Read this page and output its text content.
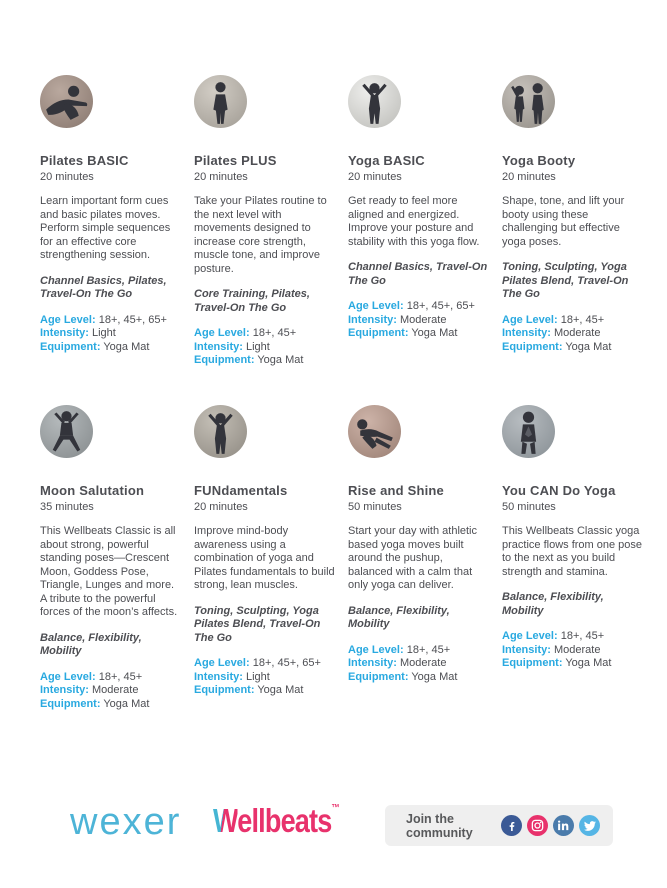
Pilates BASIC
20 minutes

Learn important form cues and basic pilates moves. Perform simple sequences for an effective core strengthening session.

Channel Basics, Pilates, Travel-On The Go

Age Level: 18+, 45+, 65+
Intensity: Light
Equipment: Yoga Mat
Pilates PLUS
20 minutes

Take your Pilates routine to the next level with movements designed to increase core strength, muscle tone, and improve posture.

Core Training, Pilates, Travel-On The Go

Age Level: 18+, 45+
Intensity: Light
Equipment: Yoga Mat
Yoga BASIC
20 minutes

Get ready to feel more aligned and energized. Improve your posture and stability with this yoga flow.

Channel Basics, Travel-On The Go

Age Level: 18+, 45+, 65+
Intensity: Moderate
Equipment: Yoga Mat
Yoga Booty
20 minutes

Shape, tone, and lift your booty using these challenging but effective yoga poses.

Toning, Sculpting, Yoga Pilates Blend, Travel-On The Go

Age Level: 18+, 45+
Intensity: Moderate
Equipment: Yoga Mat
Moon Salutation
35 minutes

This Wellbeats Classic is all about strong, powerful standing poses—Crescent Moon, Goddess Pose, Triangle, Lunges and more. A tribute to the powerful forces of the moon’s affects.

Balance, Flexibility, Mobility

Age Level: 18+, 45+
Intensity: Moderate
Equipment: Yoga Mat
FUNdamentals
20 minutes

Improve mind-body awareness using a combination of yoga and Pilates fundamentals to build strong, lean muscles.

Toning, Sculpting, Yoga Pilates Blend, Travel-On The Go

Age Level: 18+, 45+, 65+
Intensity: Light
Equipment: Yoga Mat
Rise and Shine
50 minutes

Start your day with athletic based yoga moves built around the pushup, balanced with a calm that only yoga can deliver.

Balance, Flexibility, Mobility

Age Level: 18+, 45+
Intensity: Moderate
Equipment: Yoga Mat
You CAN Do Yoga
50 minutes

This Wellbeats Classic yoga practice flows from one pose to the next as you build strength and stamina.

Balance, Flexibility, Mobility

Age Level: 18+, 45+
Intensity: Moderate
Equipment: Yoga Mat
wexer Wellbeats™
Join the community
